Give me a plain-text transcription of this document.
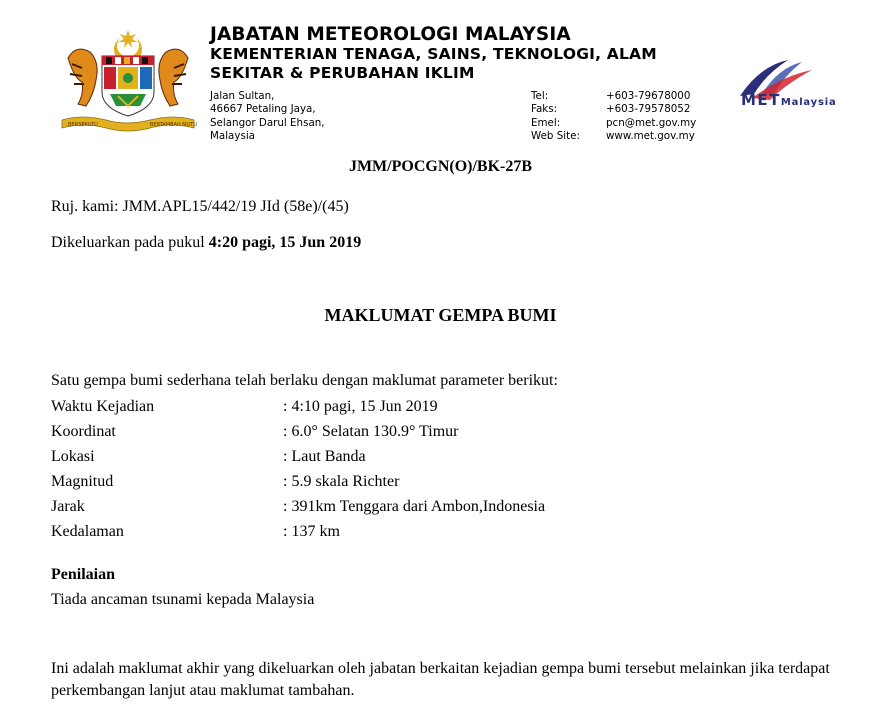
BERSEKUTU	BERTAMBAH MUTU
JABATAN METEOROLOGI MALAYSIA
KEMENTERIAN TENAGA, SAINS, TEKNOLOGI, ALAM
SEKITAR & PERUBAHAN IKLIM
Jalan Sultan,
46667 Petaling Jaya,
Selangor Darul Ehsan,
Malaysia
Tel:	+603-79678000
Faks:	+603-79578052
Emel:	pcn@met.gov.my
Web Site:	www.met.gov.my
METMalaysia
JMM/POCGN(O)/BK-27B
Ruj. kami: JMM.APL15/442/19 JId (58e)/(45)
Dikeluarkan pada pukul 4:20 pagi, 15 Jun 2019
MAKLUMAT GEMPA BUMI
Satu gempa bumi sederhana telah berlaku dengan maklumat parameter berikut:
Waktu Kejadian	: 4:10 pagi, 15 Jun 2019
Koordinat	: 6.0° Selatan 130.9° Timur
Lokasi	: Laut Banda
Magnitud	: 5.9 skala Richter
Jarak	: 391km Tenggara dari Ambon,Indonesia
Kedalaman	: 137 km
Penilaian
Tiada ancaman tsunami kepada Malaysia
Ini adalah maklumat akhir yang dikeluarkan oleh jabatan berkaitan kejadian gempa bumi tersebut melainkan jika terdapat perkembangan lanjut atau maklumat tambahan.
